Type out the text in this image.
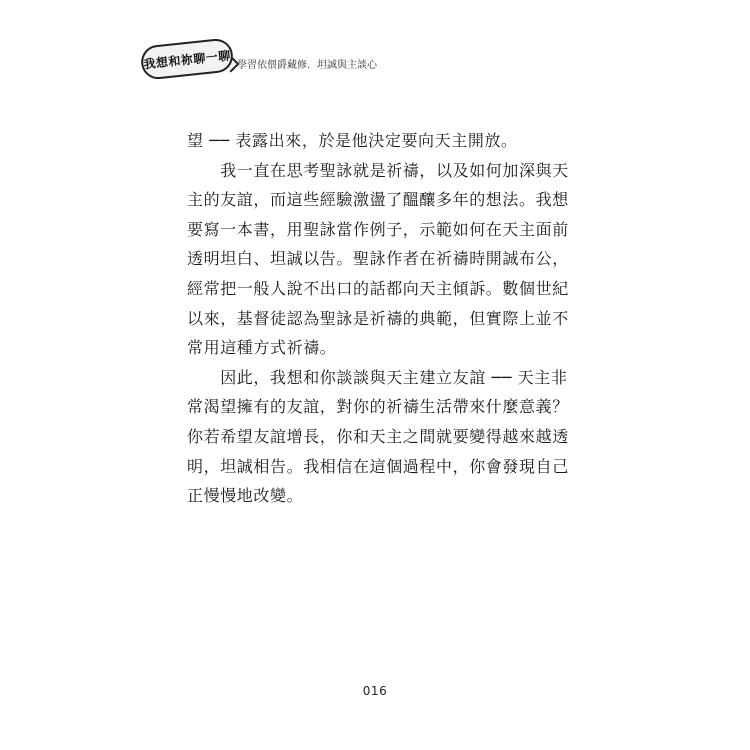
我想和祢聊一聊 學習依偎爵藏修．坦誠與主談心
望 ── 表露出來，於是他決定要向天主開放。
　　我一直在思考聖詠就是祈禱，以及如何加深與天
主的友誼，而這些經驗激盪了醞釀多年的想法。我想
要寫一本書，用聖詠當作例子，示範如何在天主面前
透明坦白、坦誠以告。聖詠作者在祈禱時開誠布公，
經常把一般人說不出口的話都向天主傾訴。數個世紀
以來，基督徒認為聖詠是祈禱的典範，但實際上並不
常用這種方式祈禱。
　　因此，我想和你談談與天主建立友誼 ── 天主非
常渴望擁有的友誼，對你的祈禱生活帶來什麼意義？
你若希望友誼增長，你和天主之間就要變得越來越透
明，坦誠相告。我相信在這個過程中，你會發現自己
正慢慢地改變。
016
